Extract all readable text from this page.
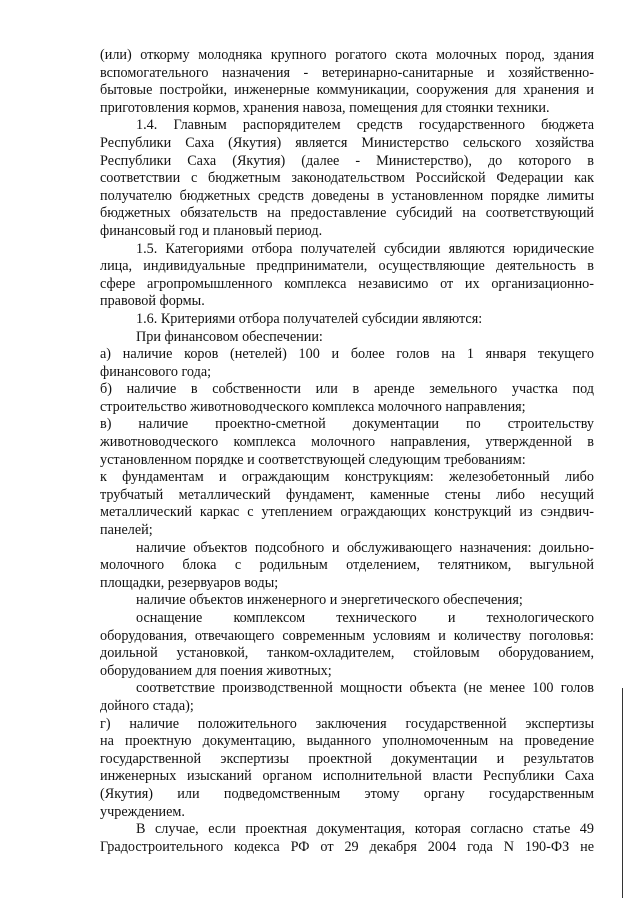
(или) откорму молодняка крупного рогатого скота молочных пород, здания
вспомогательного назначения - ветеринарно-санитарные и хозяйственно-
бытовые постройки, инженерные коммуникации, сооружения для хранения и
приготовления кормов, хранения навоза, помещения для стоянки техники.
1.4. Главным распорядителем средств государственного бюджета
Республики Саха (Якутия) является Министерство сельского хозяйства
Республики Саха (Якутия) (далее - Министерство), до которого в
соответствии с бюджетным законодательством Российской Федерации как
получателю бюджетных средств доведены в установленном порядке лимиты
бюджетных обязательств на предоставление субсидий на соответствующий
финансовый год и плановый период.
1.5. Категориями отбора получателей субсидии являются юридические
лица, индивидуальные предприниматели, осуществляющие деятельность в
сфере агропромышленного комплекса независимо от их организационно-
правовой формы.
1.6. Критериями отбора получателей субсидии являются:
При финансовом обеспечении:
а) наличие коров (нетелей) 100 и более голов на 1 января текущего
финансового года;
б) наличие в собственности или в аренде земельного участка под
строительство животноводческого комплекса молочного направления;
в) наличие проектно-сметной документации по строительству
животноводческого комплекса молочного направления, утвержденной в
установленном порядке и соответствующей следующим требованиям:
к фундаментам и ограждающим конструкциям: железобетонный либо
трубчатый металлический фундамент, каменные стены либо несущий
металлический каркас с утеплением ограждающих конструкций из сэндвич-
панелей;
наличие объектов подсобного и обслуживающего назначения: доильно-
молочного блока с родильным отделением, телятником, выгульной
площадки, резервуаров воды;
наличие объектов инженерного и энергетического обеспечения;
оснащение комплексом технического и технологического
оборудования, отвечающего современным условиям и количеству поголовья:
доильной установкой, танком-охладителем, стойловым оборудованием,
оборудованием для поения животных;
соответствие производственной мощности объекта (не менее 100 голов
дойного стада);
г) наличие положительного заключения государственной экспертизы
на проектную документацию, выданного уполномоченным на проведение
государственной экспертизы проектной документации и результатов
инженерных изысканий органом исполнительной власти Республики Саха
(Якутия) или подведомственным этому органу государственным
учреждением.
В случае, если проектная документация, которая согласно статье 49
Градостроительного кодекса РФ от 29 декабря 2004 года N 190-ФЗ не
